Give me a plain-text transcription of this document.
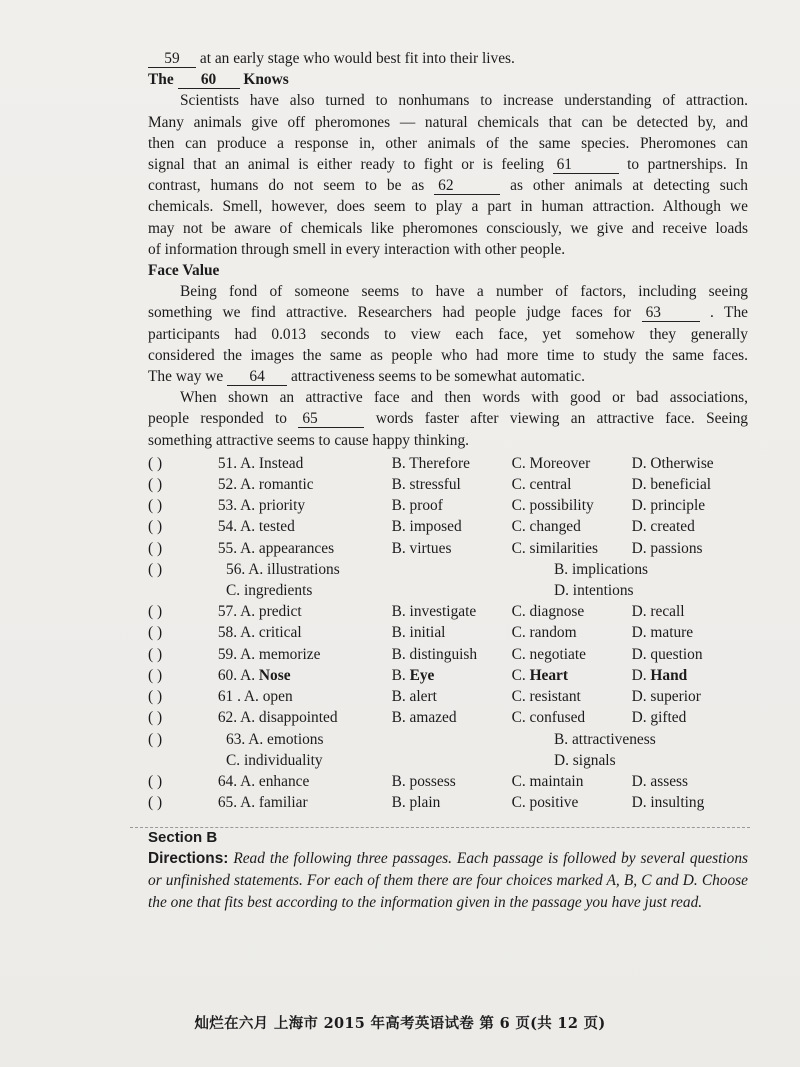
59 at an early stage who would best fit into their lives.
The 60 Knows
Scientists have also turned to nonhumans to increase understanding of attraction.
Many animals give off pheromones — natural chemicals that can be detected by, and
then can produce a response in, other animals of the same species. Pheromones can
signal that an animal is either ready to fight or is feeling 61	to partnerships. In
contrast, humans do not seem to be as 62	as other animals at detecting such
chemicals. Smell, however, does seem to play a part in human attraction. Although we
may not be aware of chemicals like pheromones consciously, we give and receive loads
of information through smell in every interaction with other people.
Face Value
Being fond of someone seems to have a number of factors, including seeing
something we find attractive. Researchers had people judge faces for 63	. The
participants had 0.013 seconds to view each face, yet somehow they generally
considered the images the same as people who had more time to study the same faces.
The way we 64 attractiveness seems to be somewhat automatic.
When shown an attractive face and then words with good or bad associations,
people responded to 65	words faster after viewing an attractive face. Seeing
something attractive seems to cause happy thinking.
( )	51. A. Instead	B. Therefore	C. Moreover	D. Otherwise
( )	52. A. romantic	B. stressful	C. central	D. beneficial
( )	53. A. priority	B. proof	C. possibility	D. principle
( )	54. A. tested	B. imposed	C. changed	D. created
( )	55. A. appearances	B. virtues	C. similarities	D. passions
( )	56. A. illustrations	B. implications
C. ingredients	D. intentions
( )	57. A. predict	B. investigate	C. diagnose	D. recall
( )	58. A. critical	B. initial	C. random	D. mature
( )	59. A. memorize	B. distinguish	C. negotiate	D. question
( )	60. A. Nose	B. Eye	C. Heart	D. Hand
( )	61 . A. open	B. alert	C. resistant	D. superior
( )	62. A. disappointed	B. amazed	C. confused	D. gifted
( )	63. A. emotions	B. attractiveness
C. individuality	D. signals
( )	64. A. enhance	B. possess	C. maintain	D. assess
( )	65. A. familiar	B. plain	C. positive	D. insulting
Section B
Directions: Read the following three passages. Each passage is followed by several questions or unfinished statements. For each of them there are four choices marked A, B, C and D. Choose the one that fits best according to the information given in the passage you have just read.
灿烂在六月 上海市 2015 年高考英语试卷 第 6 页(共 12 页)
